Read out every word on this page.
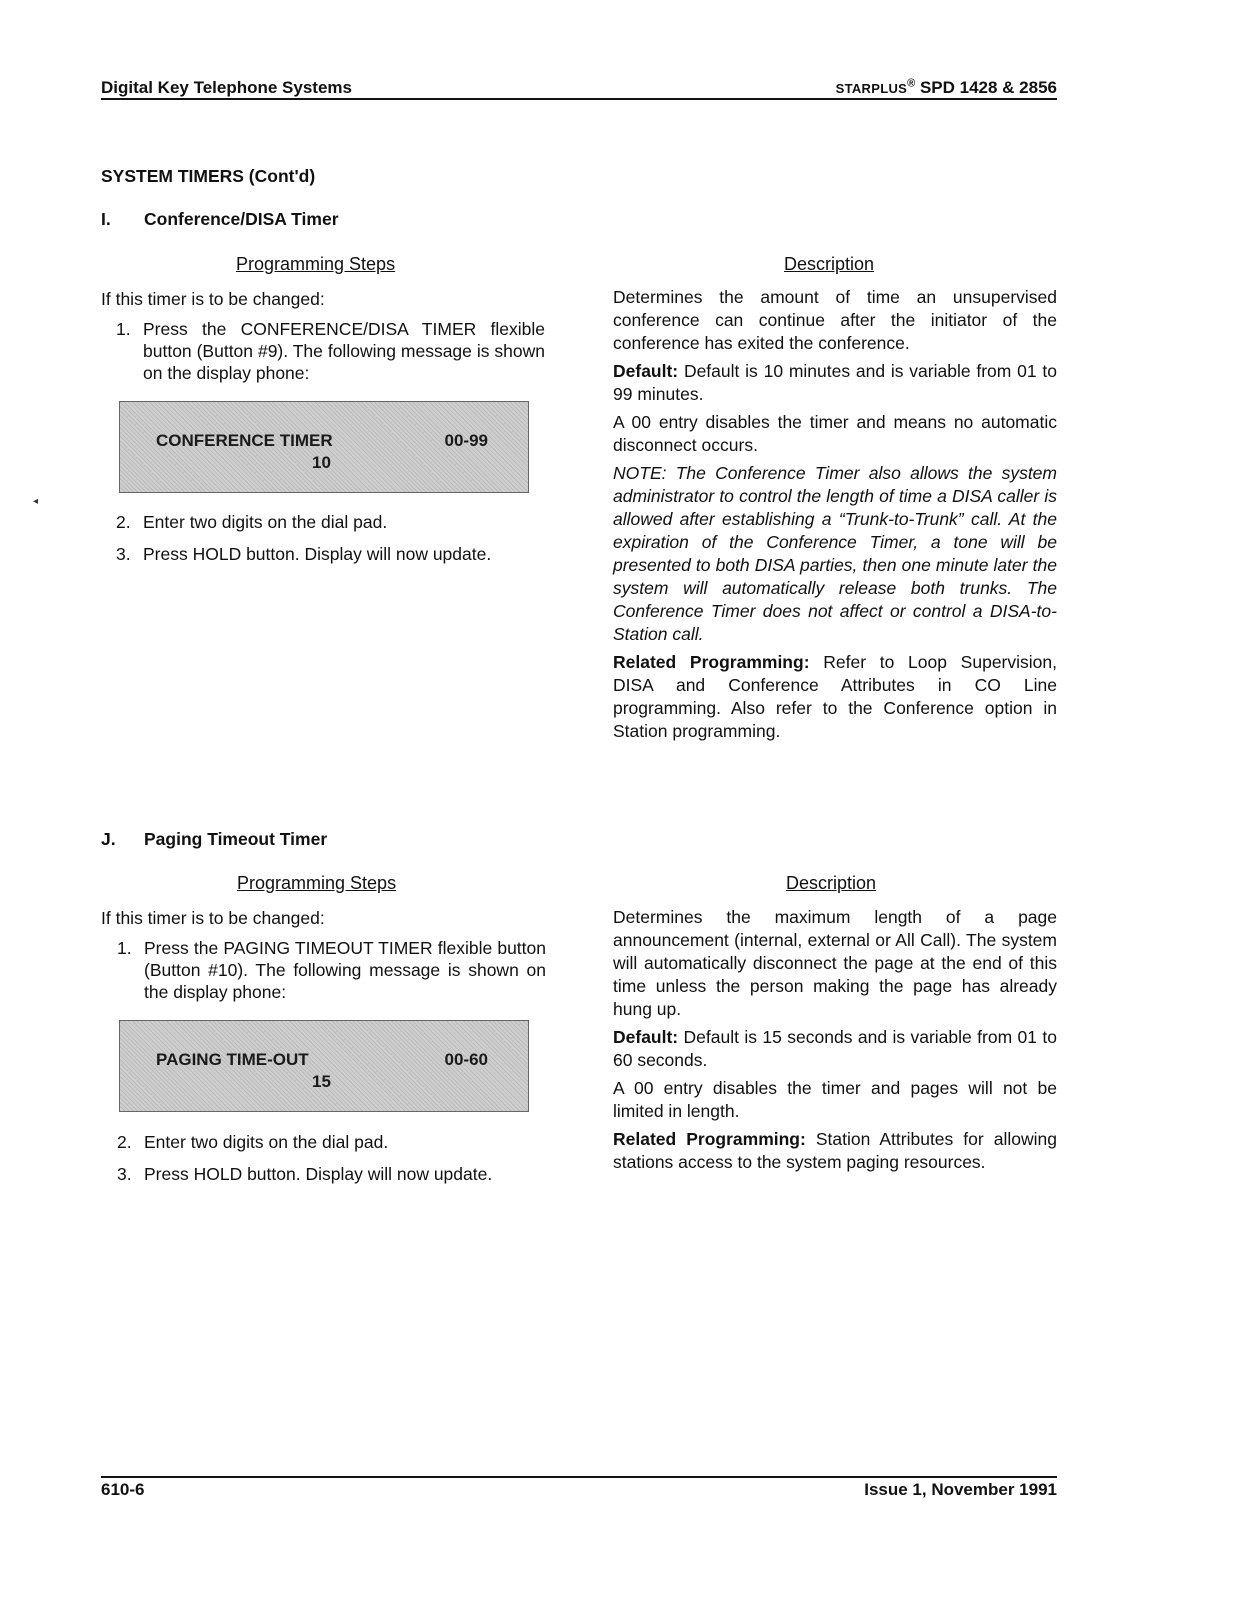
Digital Key Telephone Systems	STARPLUS® SPD 1428 & 2856
SYSTEM TIMERS (Cont'd)
◂
I. Conference/DISA Timer
Programming Steps
If this timer is to be changed:
1. Press the CONFERENCE/DISA TIMER flexible button (Button #9). The following message is shown on the display phone:
CONFERENCE TIMER	00-99
10
2. Enter two digits on the dial pad.
3. Press HOLD button. Display will now update.
Description

Determines the amount of time an unsupervised conference can continue after the initiator of the conference has exited the conference.

Default: Default is 10 minutes and is variable from 01 to 99 minutes.

A 00 entry disables the timer and means no automatic disconnect occurs.

NOTE: The Conference Timer also allows the system administrator to control the length of time a DISA caller is allowed after establishing a “Trunk-to-Trunk” call. At the expiration of the Conference Timer, a tone will be presented to both DISA parties, then one minute later the system will automatically release both trunks. The Conference Timer does not affect or control a DISA-to-Station call.

Related Programming: Refer to Loop Supervision, DISA and Conference Attributes in CO Line programming. Also refer to the Conference option in Station programming.

J. Paging Timeout Timer
Programming Steps
If this timer is to be changed:
1. Press the PAGING TIMEOUT TIMER flexible button (Button #10). The following message is shown on the display phone:
PAGING TIME-OUT	00-60
15
2. Enter two digits on the dial pad.
3. Press HOLD button. Display will now update.
Description

Determines the maximum length of a page announcement (internal, external or All Call). The system will automatically disconnect the page at the end of this time unless the person making the page has already hung up.

Default: Default is 15 seconds and is variable from 01 to 60 seconds.

A 00 entry disables the timer and pages will not be limited in length.

Related Programming: Station Attributes for allowing stations access to the system paging resources.

610-6	Issue 1, November 1991
